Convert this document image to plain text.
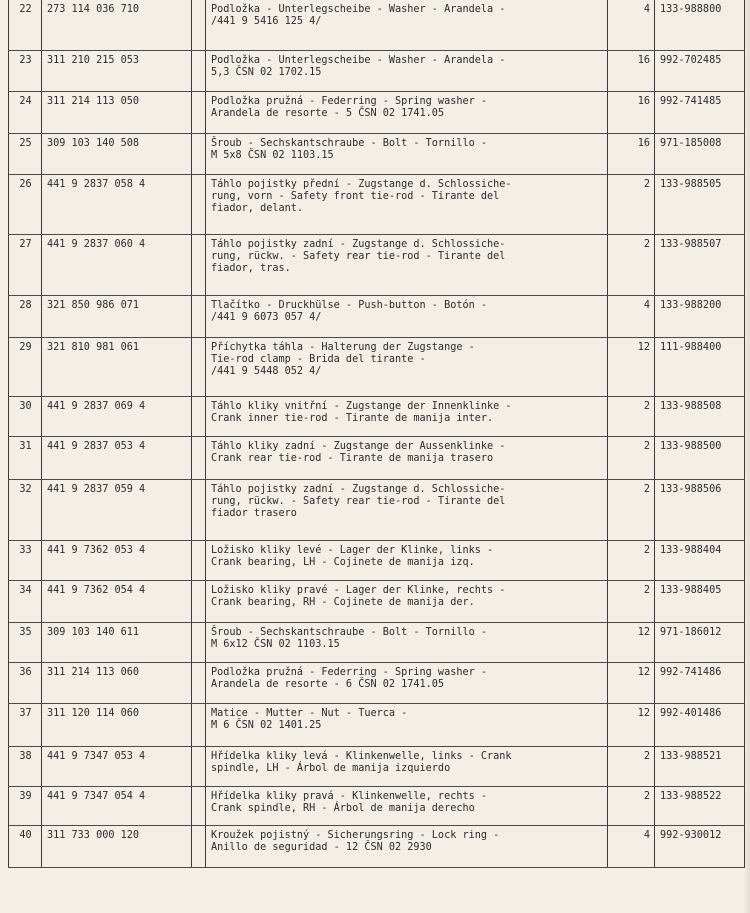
22	273 114 036 710		Podložka - Unterlegscheibe - Washer - Arandela -
/441 9 5416 125 4/	4	133-988800
23	311 210 215 053		Podložka - Unterlegscheibe - Washer - Arandela -
5,3 ČSN 02 1702.15	16	992-702485
24	311 214 113 050		Podložka pružná - Federring - Spring washer -
Arandela de resorte - 5 ČSN 02 1741.05	16	992-741485
25	309 103 140 508		Šroub - Sechskantschraube - Bolt - Tornillo -
M 5x8 ČSN 02 1103.15	16	971-185008
26	441 9 2837 058 4		Táhlo pojistky přední - Zugstange d. Schlossiche-
rung, vorn - Safety front tie-rod - Tirante del
fiador, delant.	2	133-988505
27	441 9 2837 060 4		Táhlo pojistky zadní - Zugstange d. Schlossiche-
rung, rückw. - Safety rear tie-rod - Tirante del
fiador, tras.	2	133-988507
28	321 850 986 071		Tlačítko - Druckhülse - Push-button - Botón -
/441 9 6073 057 4/	4	133-988200
29	321 810 981 061		Příchytka táhla - Halterung der Zugstange -
Tie-rod clamp - Brida del tirante -
/441 9 5448 052 4/	12	111-988400
30	441 9 2837 069 4		Táhlo kliky vnitřní - Zugstange der Innenklinke -
Crank inner tie-rod - Tirante de manija inter.	2	133-988508
31	441 9 2837 053 4		Táhlo kliky zadní - Zugstange der Aussenklinke -
Crank rear tie-rod - Tirante de manija trasero	2	133-988500
32	441 9 2837 059 4		Táhlo pojistky zadní - Zugstange d. Schlossiche-
rung, rückw. - Safety rear tie-rod - Tirante del
fiador trasero	2	133-988506
33	441 9 7362 053 4		Ložisko kliky levé - Lager der Klinke, links -
Crank bearing, LH - Cojinete de manija izq.	2	133-988404
34	441 9 7362 054 4		Ložisko kliky pravé - Lager der Klinke, rechts -
Crank bearing, RH - Cojinete de manija der.	2	133-988405
35	309 103 140 611		Šroub - Sechskantschraube - Bolt - Tornillo -
M 6x12 ČSN 02 1103.15	12	971-186012
36	311 214 113 060		Podložka pružná - Federring - Spring washer -
Arandela de resorte - 6 ČSN 02 1741.05	12	992-741486
37	311 120 114 060		Matice - Mutter - Nut - Tuerca -
M 6 ČSN 02 1401.25	12	992-401486
38	441 9 7347 053 4		Hřídelka kliky levá - Klinkenwelle, links - Crank
spindle, LH - Árbol de manija izquierdo	2	133-988521
39	441 9 7347 054 4		Hřídelka kliky pravá - Klinkenwelle, rechts -
Crank spindle, RH - Árbol de manija derecho	2	133-988522
40	311 733 000 120		Kroužek pojistný - Sicherungsring - Lock ring -
Anillo de seguridad - 12 ČSN 02 2930	4	992-930012
